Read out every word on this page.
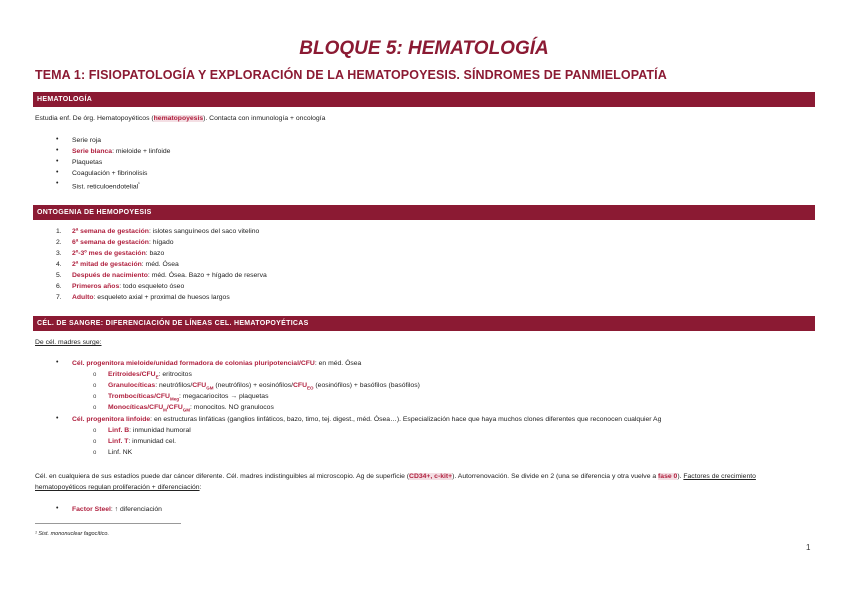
BLOQUE 5: HEMATOLOGÍA
TEMA 1: FISIOPATOLOGÍA Y EXPLORACIÓN DE LA HEMATOPOYESIS. SÍNDROMES DE PANMIELOPATÍA
HEMATOLOGÍA
Estudia enf. De órg. Hematopoyéticos (hematopoyesis). Contacta con inmunología + oncología
• Serie roja
• Serie blanca: mieloide + linfoide
• Plaquetas
• Coagulación + fibrinolisis
• Sist. reticuloendotelial$^{^1}$
ONTOGENIA DE HEMOPOYESIS
1. 2ª semana de gestación: islotes sanguíneos del saco vitelino
2. 6ª semana de gestación: hígado
3. 2º-3º mes de gestación: bazo
4. 2ª mitad de gestación: méd. Ósea
5. Después de nacimiento: méd. Ósea. Bazo + hígado de reserva
6. Primeros años: todo esqueleto óseo
7. Adulto: esqueleto axial + proximal de huesos largos
CÉL. DE SANGRE: DIFERENCIACIÓN DE LÍNEAS CEL. HEMATOPOYÉTICAS
De cél. madres surge:
• Cél. progenitora mieloide/unidad formadora de colonias pluripotencial/CFU: en méd. Ósea
o Eritroides/$CFU_E$: eritrocitos
o Granulocíticas: neutrófilos/$CFU_{GM}$ (neutrófilos) + eosinófilos/$CFU_{EO}$ (eosinófilos) + basófilos (basófilos)
o Trombocíticas/$CFU_{Meg}$: megacariocitos → plaquetas
o Monocíticas/$CFU_M/CFU_{GM}$: monocitos. NO granulocos
• Cél. progenitora linfoide: en estructuras linfáticas (ganglios linfáticos, bazo, timo, tej. digest., méd. Ósea…). Especialización hace que haya muchos clones diferentes que reconocen cualquier Ag
o Linf. B: inmunidad humoral
o Linf. T: inmunidad cel.
o Linf. NK
Cél. en cualquiera de sus estadíos puede dar cáncer diferente. Cél. madres indistinguibles al microscopio. Ag de superficie (CD34+, c-kit+). Autorrenovación. Se divide en 2 (una se diferencia y otra vuelve a fase 0). Factores de crecimiento
hematopoyéticos regulan proliferación + diferenciación:
• Factor Steel: ↑ diferenciación
¹ Sist. mononuclear fagocítico.
1
